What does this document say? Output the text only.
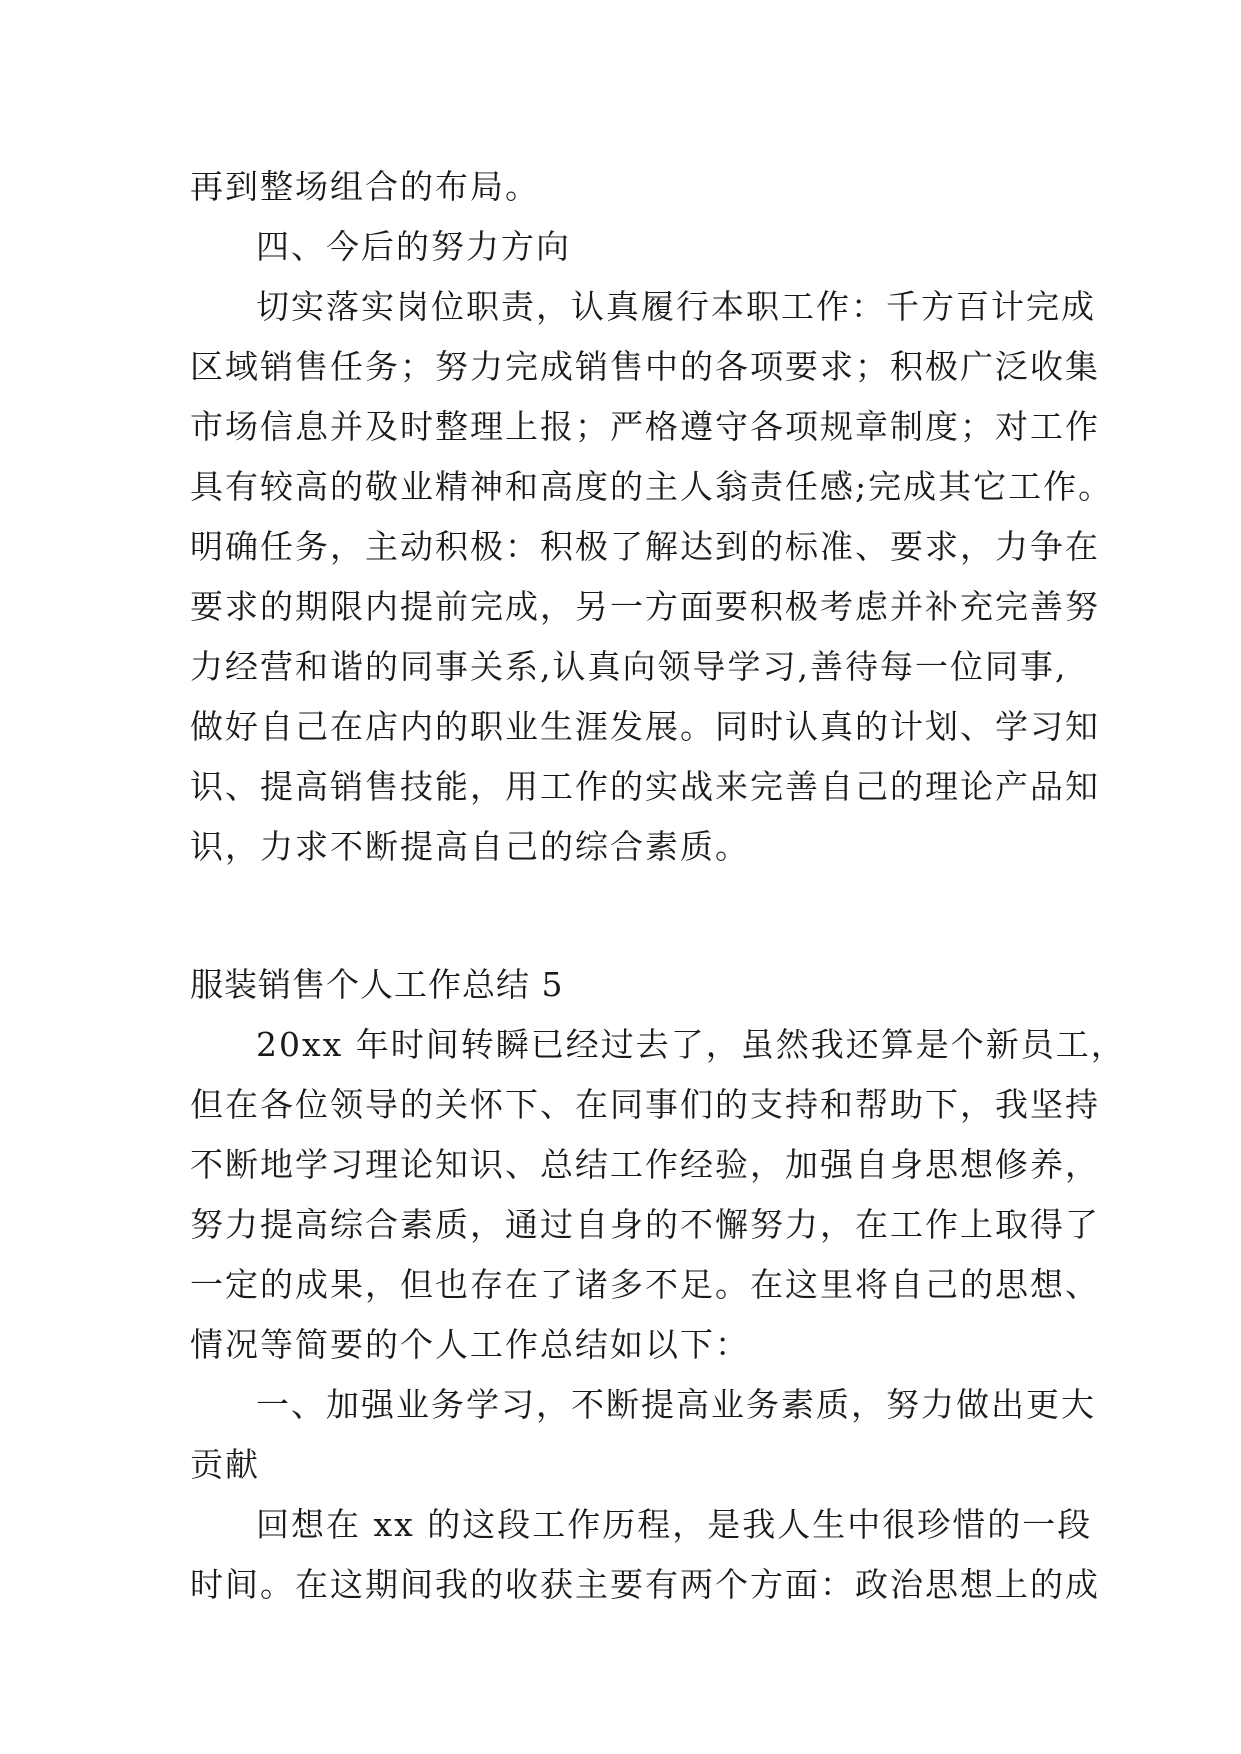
再到整场组合的布局。
四、今后的努力方向
切实落实岗位职责，认真履行本职工作：千方百计完成
区域销售任务；努力完成销售中的各项要求；积极广泛收集
市场信息并及时整理上报；严格遵守各项规章制度；对工作
具有较高的敬业精神和高度的主人翁责任感;完成其它工作。
明确任务，主动积极：积极了解达到的标准、要求，力争在
要求的期限内提前完成，另一方面要积极考虑并补充完善努
力经营和谐的同事关系,认真向领导学习,善待每一位同事,
做好自己在店内的职业生涯发展。同时认真的计划、学习知
识、提高销售技能，用工作的实战来完善自己的理论产品知
识，力求不断提高自己的综合素质。
服装销售个人工作总结 5
20xx 年时间转瞬已经过去了，虽然我还算是个新员工，
但在各位领导的关怀下、在同事们的支持和帮助下，我坚持
不断地学习理论知识、总结工作经验，加强自身思想修养，
努力提高综合素质，通过自身的不懈努力，在工作上取得了
一定的成果，但也存在了诸多不足。在这里将自己的思想、
情况等简要的个人工作总结如以下：
一、加强业务学习，不断提高业务素质，努力做出更大
贡献
回想在 xx 的这段工作历程，是我人生中很珍惜的一段
时间。在这期间我的收获主要有两个方面：政治思想上的成
